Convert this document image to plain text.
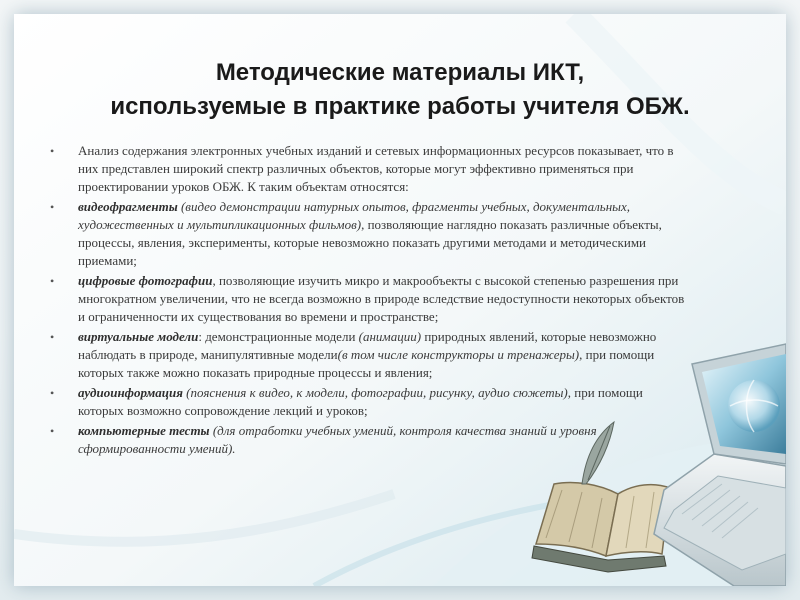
Методические материалы ИКТ,
используемые в практике работы учителя ОБЖ.
• Анализ содержания электронных учебных изданий и сетевых информационных ресурсов показывает, что в них представлен широкий спектр различных объектов, которые могут эффективно применяться при проектировании уроков ОБЖ. К таким объектам относятся:
• видеофрагменты (видео демонстрации натурных опытов, фрагменты учебных, документальных, художественных и мультипликационных фильмов), позволяющие наглядно показать различные объекты, процессы, явления, эксперименты, которые невозможно показать другими методами и методическими приемами;
• цифровые фотографии, позволяющие изучить микро и макрообъекты с высокой степенью разрешения при многократном увеличении, что не всегда возможно в природе вследствие недоступности некоторых объектов и ограниченности их существования во времени и пространстве;
• виртуальные модели: демонстрационные модели (анимации) природных явлений, которые невозможно наблюдать в природе, манипулятивные модели(в том числе конструкторы и тренажеры), при помощи которых также можно показать природные процессы и явления;
• аудиоинформация (пояснения к видео, к модели, фотографии, рисунку, аудио сюжеты), при помощи которых возможно сопровождение лекций и уроков;
• компьютерные тесты (для отработки учебных умений, контроля качества знаний и уровня сформированности умений).
